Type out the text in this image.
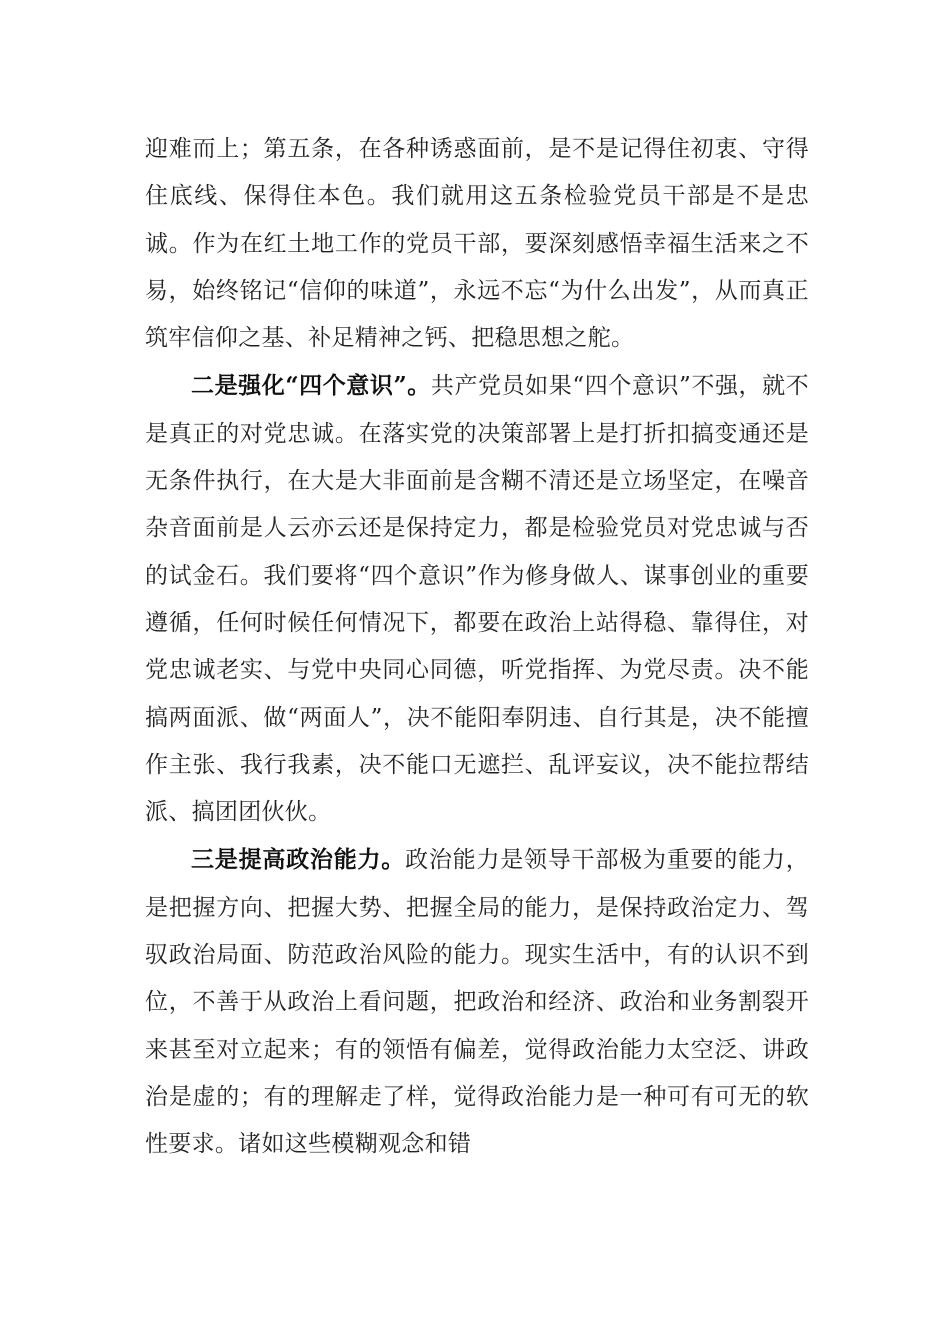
迎难而上；第五条，在各种诱惑面前，是不是记得住初衷、守得住底线、保得住本色。我们就用这五条检验党员干部是不是忠诚。作为在红土地工作的党员干部，要深刻感悟幸福生活来之不易，始终铭记“信仰的味道”，永远不忘“为什么出发”，从而真正筑牢信仰之基、补足精神之钙、把稳思想之舵。

二是强化“四个意识”。共产党员如果“四个意识”不强，就不是真正的对党忠诚。在落实党的决策部署上是打折扣搞变通还是无条件执行，在大是大非面前是含糊不清还是立场坚定，在噪音杂音面前是人云亦云还是保持定力，都是检验党员对党忠诚与否的试金石。我们要将“四个意识”作为修身做人、谋事创业的重要遵循，任何时候任何情况下，都要在政治上站得稳、靠得住，对党忠诚老实、与党中央同心同德，听党指挥、为党尽责。决不能搞两面派、做“两面人”，决不能阳奉阴违、自行其是，决不能擅作主张、我行我素，决不能口无遮拦、乱评妄议，决不能拉帮结派、搞团团伙伙。

三是提高政治能力。政治能力是领导干部极为重要的能力，是把握方向、把握大势、把握全局的能力，是保持政治定力、驾驭政治局面、防范政治风险的能力。现实生活中，有的认识不到位，不善于从政治上看问题，把政治和经济、政治和业务割裂开来甚至对立起来；有的领悟有偏差，觉得政治能力太空泛、讲政治是虚的；有的理解走了样，觉得政治能力是一种可有可无的软性要求。诸如这些模糊观念和错
